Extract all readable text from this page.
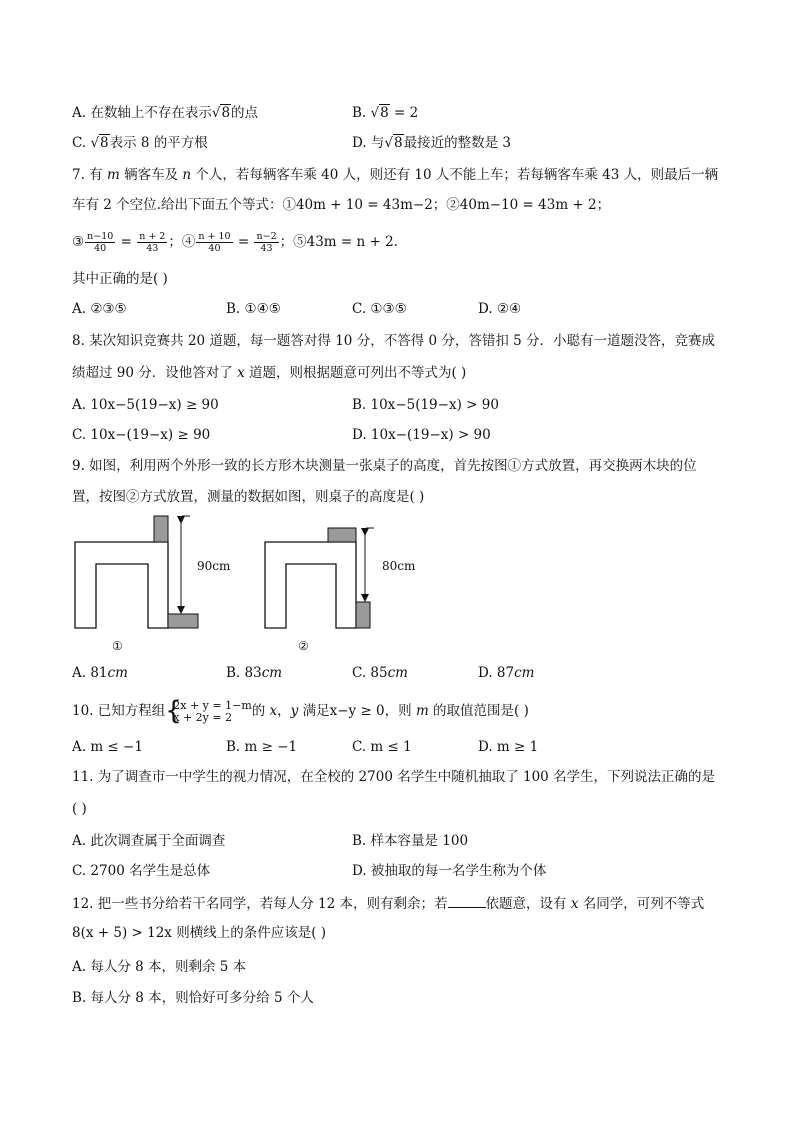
A. 在数轴上不存在表示√8的点	B. √8 = 2
C. √8表示 8 的平方根	D. 与√8最接近的整数是 3
7. 有 m 辆客车及 n 个人，若每辆客车乘 40 人，则还有 10 人不能上车；若每辆客车乘 43 人，则最后一辆
车有 2 个空位.给出下面五个等式：①40m + 10 = 43m−2；②40m−10 = 43m + 2；
③ $\frac{n-10}{40} = \frac{n + 2}{43}$ ；④ $\frac{n + 10}{40} = \frac{n-2}{43}$ ；⑤43m = n + 2.
其中正确的是( )
A. ②③⑤	B. ①④⑤	C. ①③⑤	D. ②④
8. 某次知识竞赛共 20 道题，每一题答对得 10 分，不答得 0 分，答错扣 5 分．小聪有一道题没答，竞赛成
绩超过 90 分．设他答对了 x 道题，则根据题意可列出不等式为( )
A. 10x−5(19−x) ≥ 90	B. 10x−5(19−x) > 90
C. 10x−(19−x) ≥ 90	D. 10x−(19−x) > 90
9. 如图，利用两个外形一致的长方形木块测量一张桌子的高度，首先按图①方式放置，再交换两木块的位
置，按图②方式放置，测量的数据如图，则桌子的高度是( )
90cm
①
80cm
②
A. 81cm	B. 83cm	C. 85cm	D. 87cm
10. 已知方程组 {
2x + y = 1−m
x + 2y = 2	的 x，y 满足x−y ≥ 0，则 m 的取值范围是( )
A. m ≤ −1	B. m ≥ −1	C. m ≤ 1	D. m ≥ 1
11. 为了调查市一中学生的视力情况，在全校的 2700 名学生中随机抽取了 100 名学生，下列说法正确的是
( )
A. 此次调查属于全面调查	B. 样本容量是 100
C. 2700 名学生是总体	D. 被抽取的每一名学生称为个体
12. 把一些书分给若干名同学，若每人分 12 本，则有剩余；若	依题意，设有 x 名同学，可列不等式
8(x + 5) > 12x 则横线上的条件应该是( )
A. 每人分 8 本，则剩余 5 本
B. 每人分 8 本，则恰好可多分给 5 个人
